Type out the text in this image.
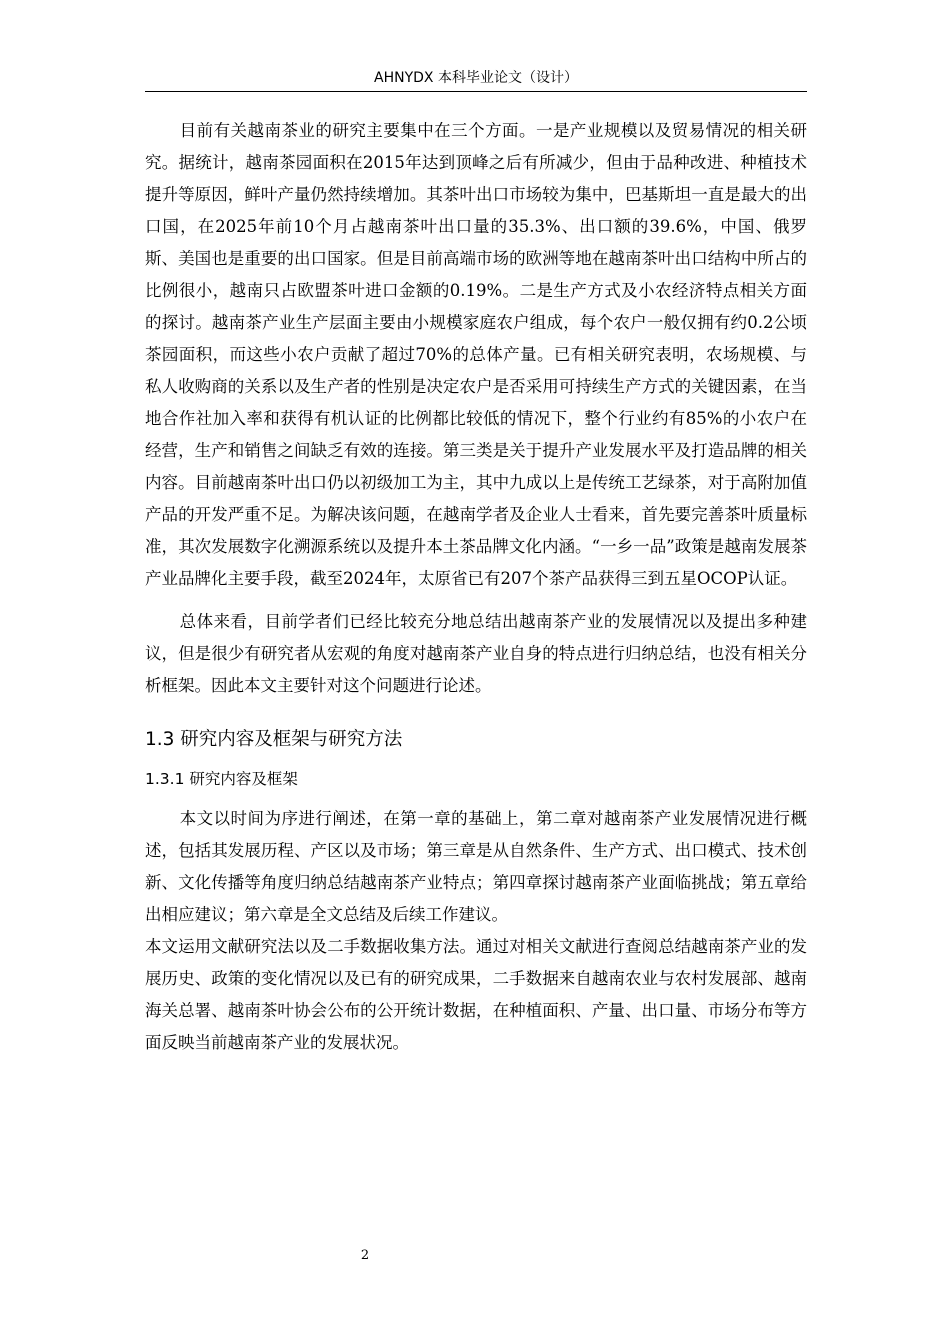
AHNYDX 本科毕业论文（设计）

目前有关越南茶业的研究主要集中在三个方面。一是产业规模以及贸易情况的相关研究。据统计，越南茶园面积在2015年达到顶峰之后有所减少，但由于品种改进、种植技术提升等原因，鲜叶产量仍然持续增加。其茶叶出口市场较为集中，巴基斯坦一直是最大的出口国，在2025年前10个月占越南茶叶出口量的35.3%、出口额的39.6%，中国、俄罗斯、美国也是重要的出口国家。但是目前高端市场的欧洲等地在越南茶叶出口结构中所占的比例很小，越南只占欧盟茶叶进口金额的0.19%。二是生产方式及小农经济特点相关方面的探讨。越南茶产业生产层面主要由小规模家庭农户组成，每个农户一般仅拥有约0.2公顷茶园面积，而这些小农户贡献了超过70%的总体产量。已有相关研究表明，农场规模、与私人收购商的关系以及生产者的性别是决定农户是否采用可持续生产方式的关键因素，在当地合作社加入率和获得有机认证的比例都比较低的情况下，整个行业约有85%的小农户在经营，生产和销售之间缺乏有效的连接。第三类是关于提升产业发展水平及打造品牌的相关内容。目前越南茶叶出口仍以初级加工为主，其中九成以上是传统工艺绿茶，对于高附加值产品的开发严重不足。为解决该问题，在越南学者及企业人士看来，首先要完善茶叶质量标准，其次发展数字化溯源系统以及提升本土茶品牌文化内涵。“一乡一品”政策是越南发展茶产业品牌化主要手段，截至2024年，太原省已有207个茶产品获得三到五星OCOP认证。

总体来看，目前学者们已经比较充分地总结出越南茶产业的发展情况以及提出多种建议，但是很少有研究者从宏观的角度对越南茶产业自身的特点进行归纳总结，也没有相关分析框架。因此本文主要针对这个问题进行论述。

1.3 研究内容及框架与研究方法
1.3.1 研究内容及框架

本文以时间为序进行阐述，在第一章的基础上，第二章对越南茶产业发展情况进行概述，包括其发展历程、产区以及市场；第三章是从自然条件、生产方式、出口模式、技术创新、文化传播等角度归纳总结越南茶产业特点；第四章探讨越南茶产业面临挑战；第五章给出相应建议；第六章是全文总结及后续工作建议。

本文运用文献研究法以及二手数据收集方法。通过对相关文献进行查阅总结越南茶产业的发展历史、政策的变化情况以及已有的研究成果，二手数据来自越南农业与农村发展部、越南海关总署、越南茶叶协会公布的公开统计数据，在种植面积、产量、出口量、市场分布等方面反映当前越南茶产业的发展状况。

2
